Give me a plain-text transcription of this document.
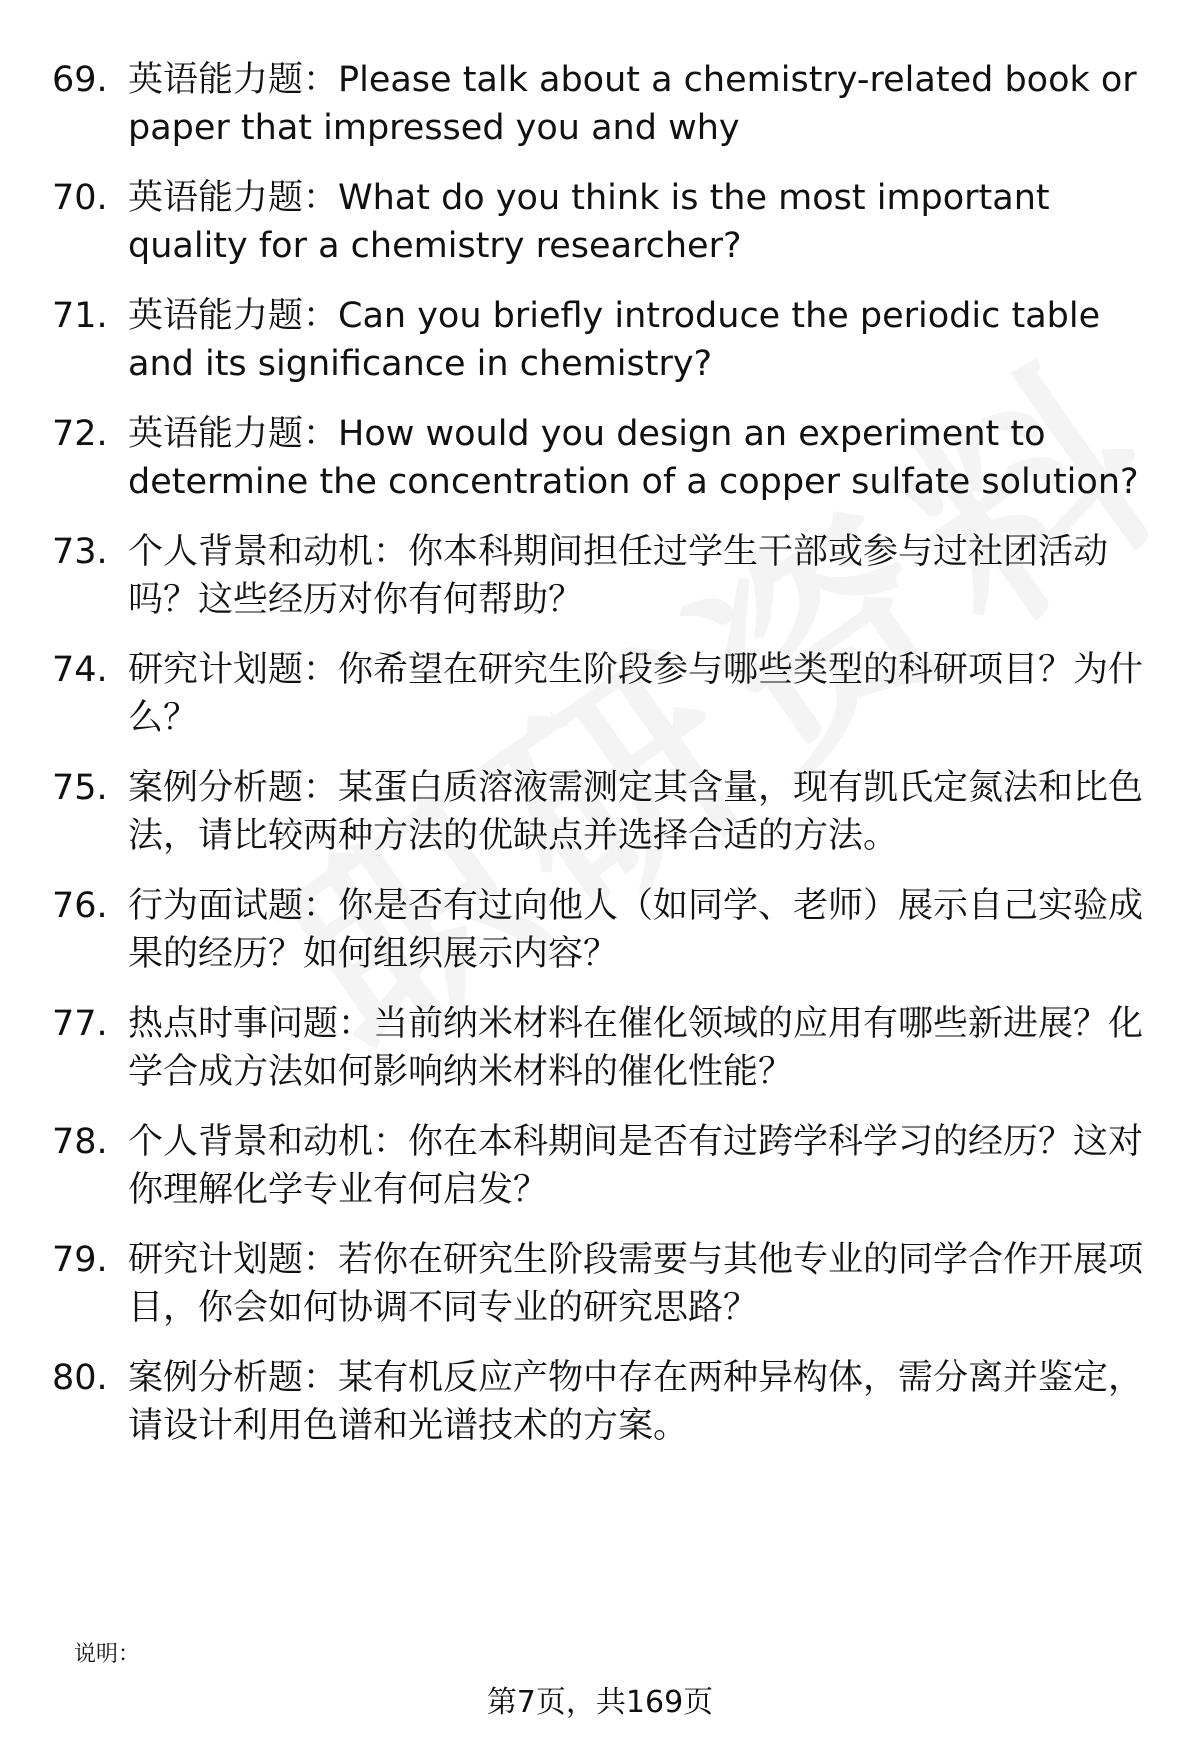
69. 英语能力题：Please talk about a chemistry-related book or paper that impressed you and why
70. 英语能力题：What do you think is the most important quality for a chemistry researcher?
71. 英语能力题：Can you briefly introduce the periodic table and its significance in chemistry?
72. 英语能力题：How would you design an experiment to determine the concentration of a copper sulfate solution?
73. 个人背景和动机：你本科期间担任过学生干部或参与过社团活动吗？这些经历对你有何帮助？
74. 研究计划题：你希望在研究生阶段参与哪些类型的科研项目？为什么？
75. 案例分析题：某蛋白质溶液需测定其含量，现有凯氏定氮法和比色法，请比较两种方法的优缺点并选择合适的方法。
76. 行为面试题：你是否有过向他人（如同学、老师）展示自己实验成果的经历？如何组织展示内容？
77. 热点时事问题：当前纳米材料在催化领域的应用有哪些新进展？化学合成方法如何影响纳米材料的催化性能？
78. 个人背景和动机：你在本科期间是否有过跨学科学习的经历？这对你理解化学专业有何启发？
79. 研究计划题：若你在研究生阶段需要与其他专业的同学合作开展项目，你会如何协调不同专业的研究思路？
80. 案例分析题：某有机反应产物中存在两种异构体，需分离并鉴定，请设计利用色谱和光谱技术的方案。
说明：
第7页，共169页
